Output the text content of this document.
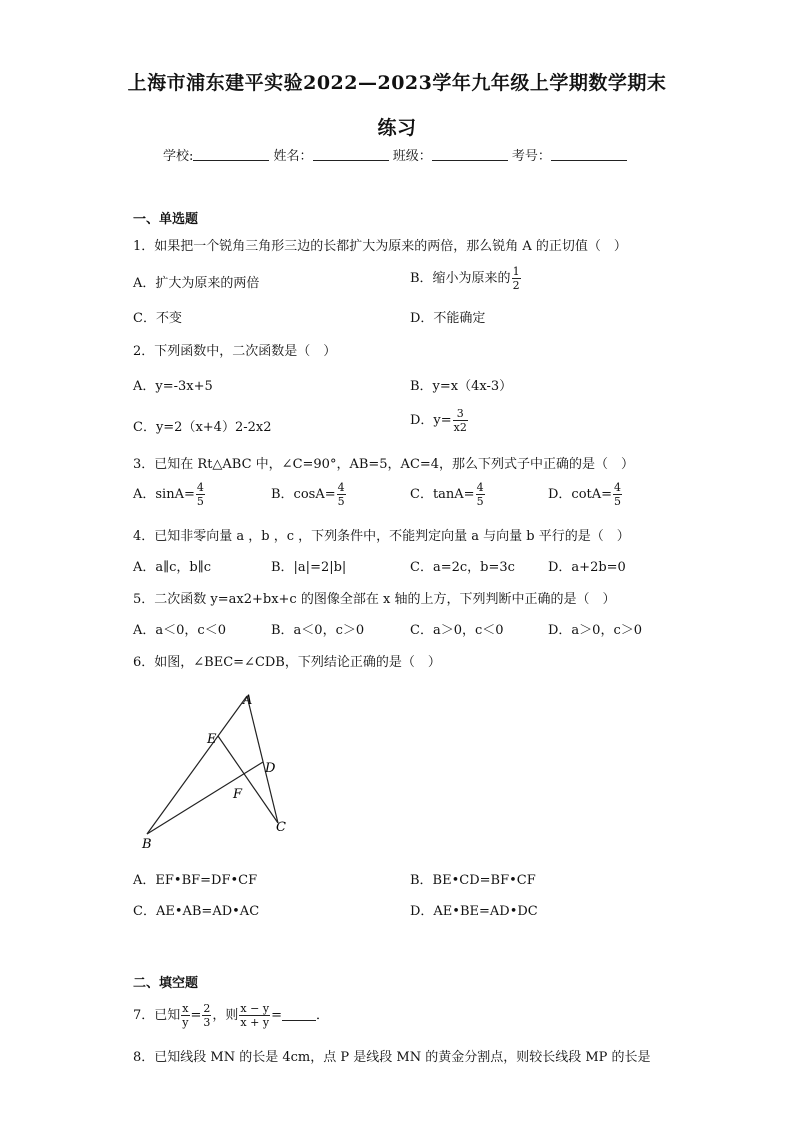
上海市浦东建平实验2022—2023学年九年级上学期数学期末
练习
学校:	姓名：	班级：	考号：
一、单选题
1．如果把一个锐角三角形三边的长都扩大为原来的两倍，那么锐角 A 的正切值（　）
A．扩大为原来的两倍	B．缩小为原来的 $\frac{1}{2}$
C．不变	D．不能确定
2．下列函数中，二次函数是（　）
A．y=-3x+5	B．y=x（4x-3）
C．y=2（x+4）2-2x2	D．$y= \frac{3}{x2}$
3．已知在 Rt△ABC 中，∠C=90°，AB=5，AC=4，那么下列式子中正确的是（　）
A．$\sin A= \frac{4}{5}$	B．$\cos A= \frac{4}{5}$	C．$\tan A= \frac{4}{5}$	D．$\cot A= \frac{4}{5}$
4．已知非零向量 a ，b ，c ，下列条件中，不能判定向量 a 与向量 b 平行的是（　）
A．a∥c，b∥c	B．|a|=2|b|	C．a=2c，b=3c	D．a+2b=0
5．二次函数 y=ax2+bx+c 的图像全部在 x 轴的上方，下列判断中正确的是（　）
A．a＜0，c＜0	B．a＜0，c＞0	C．a＞0，c＜0	D．a＞0，c＞0
6．如图，∠BEC=∠CDB，下列结论正确的是（　）
A
E
D
F
C
B
A．EF•BF=DF•CF	B．BE•CD=BF•CF
C．AE•AB=AD•AC	D．AE•BE=AD•DC
二、填空题
7．已知 $\frac{x}{y} = \frac{2}{3}$ ，则 $\frac{x - y}{x + y}$ =	．
8．已知线段 MN 的长是 4cm，点 P 是线段 MN 的黄金分割点，则较长线段 MP 的长是
